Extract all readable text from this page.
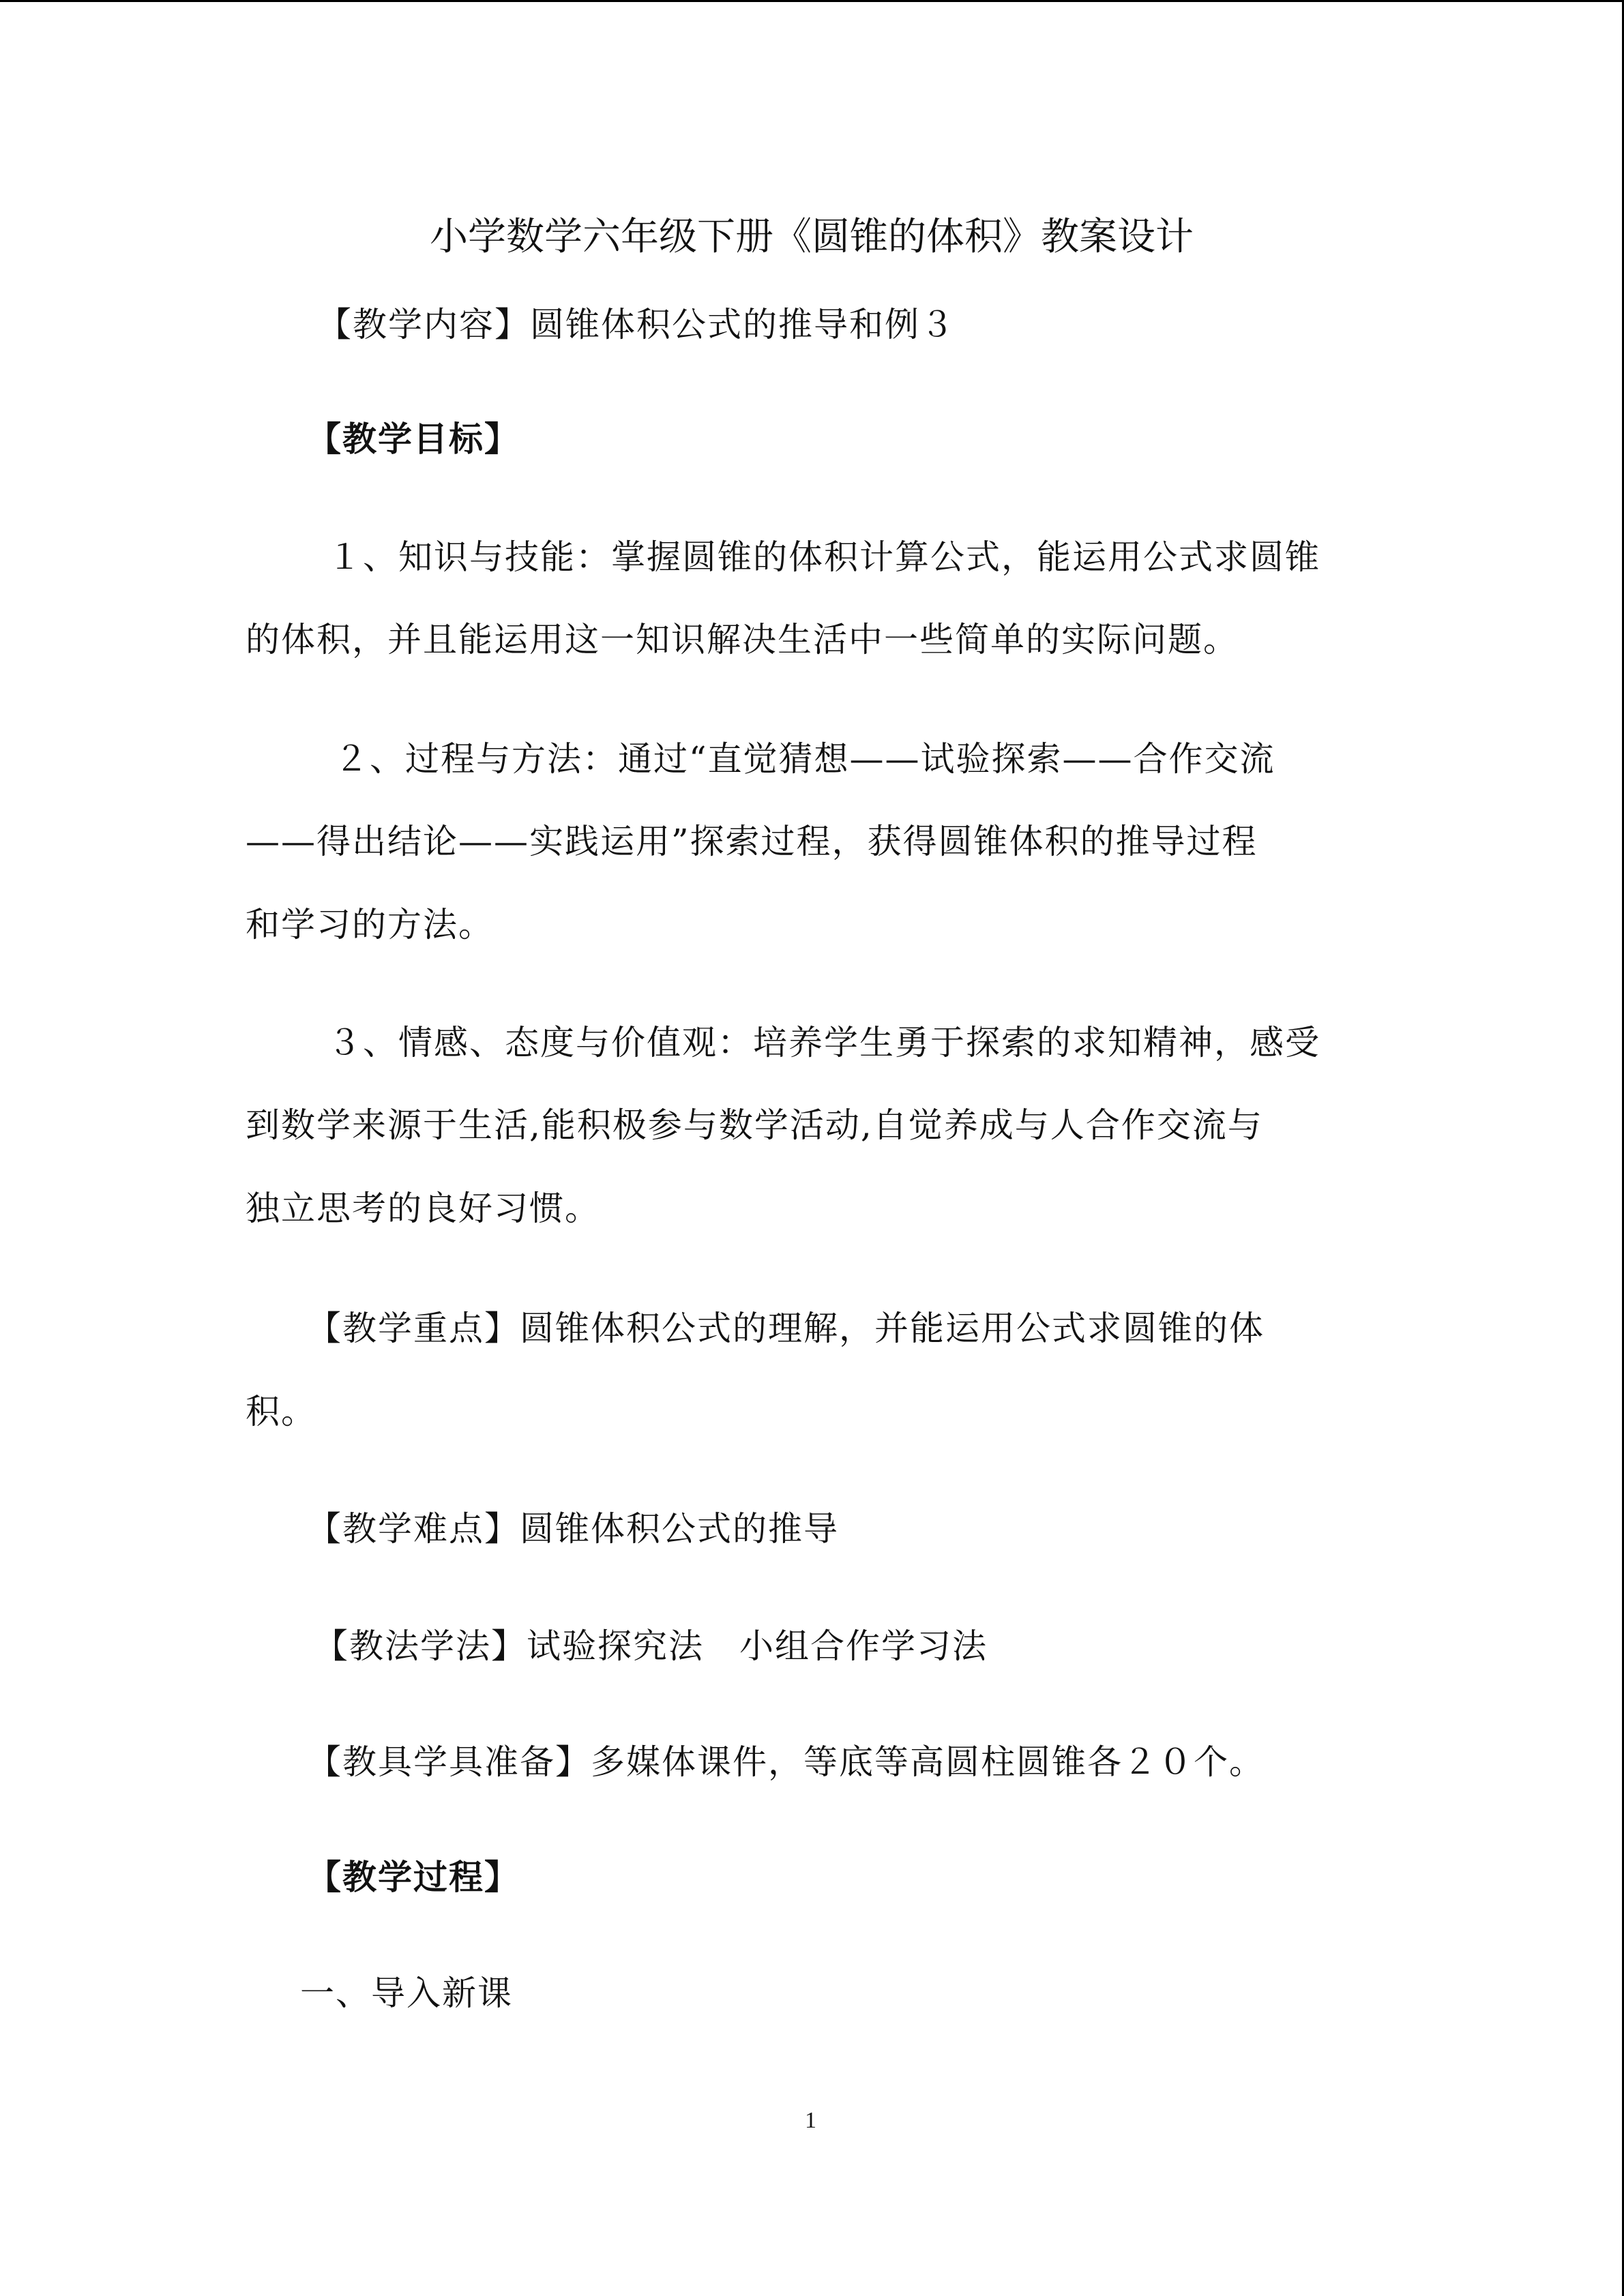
小学数学六年级下册《圆锥的体积》教案设计
【教学内容】圆锥体积公式的推导和例３
【教学目标】
１、知识与技能：掌握圆锥的体积计算公式，能运用公式求圆锥
的体积，并且能运用这一知识解决生活中一些简单的实际问题。
２、过程与方法：通过“直觉猜想——试验探索——合作交流
——得出结论——实践运用”探索过程，获得圆锥体积的推导过程
和学习的方法。
３、情感、态度与价值观：培养学生勇于探索的求知精神，感受
到数学来源于生活,能积极参与数学活动,自觉养成与人合作交流与
独立思考的良好习惯。
【教学重点】圆锥体积公式的理解，并能运用公式求圆锥的体
积。
【教学难点】圆锥体积公式的推导
【教法学法】试验探究法　小组合作学习法
【教具学具准备】多媒体课件，等底等高圆柱圆锥各２０个。
【教学过程】
一、导入新课
1
